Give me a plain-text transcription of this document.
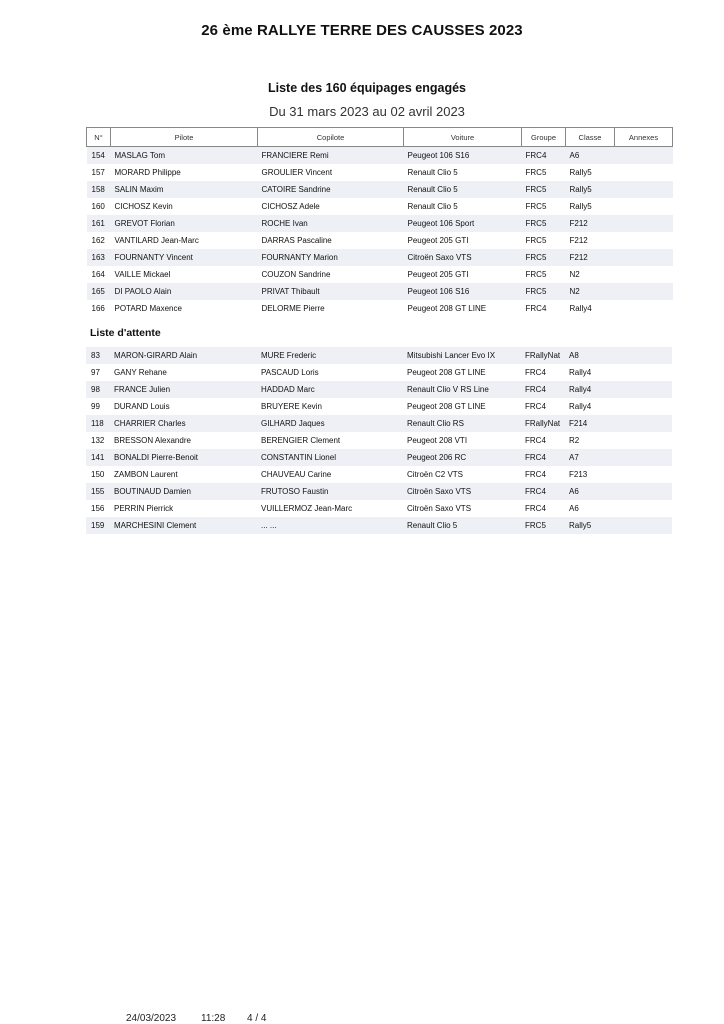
26 ème RALLYE TERRE DES CAUSSES 2023
Liste des 160 équipages engagés
Du 31 mars 2023 au 02 avril 2023
N°	Pilote	Copilote	Voiture	Groupe	Classe	Annexes
154	MASLAG Tom	FRANCIERE Remi	Peugeot 106 S16	FRC4	A6	
157	MORARD Philippe	GROULIER Vincent	Renault Clio 5	FRC5	Rally5	
158	SALIN Maxim	CATOIRE Sandrine	Renault Clio 5	FRC5	Rally5	
160	CICHOSZ Kevin	CICHOSZ Adele	Renault Clio 5	FRC5	Rally5	
161	GREVOT Florian	ROCHE Ivan	Peugeot 106 Sport	FRC5	F212	
162	VANTILARD Jean-Marc	DARRAS Pascaline	Peugeot 205 GTI	FRC5	F212	
163	FOURNANTY Vincent	FOURNANTY Marion	Citroën Saxo VTS	FRC5	F212	
164	VAILLE Mickael	COUZON Sandrine	Peugeot 205 GTI	FRC5	N2	
165	DI PAOLO Alain	PRIVAT Thibault	Peugeot 106 S16	FRC5	N2	
166	POTARD Maxence	DELORME Pierre	Peugeot 208 GT LINE	FRC4	Rally4	
Liste d'attente
83	MARON-GIRARD Alain	MURE Frederic	Mitsubishi Lancer Evo IX	FRallyNat	A8	
97	GANY Rehane	PASCAUD Loris	Peugeot 208 GT LINE	FRC4	Rally4	
98	FRANCE Julien	HADDAD Marc	Renault Clio V RS Line	FRC4	Rally4	
99	DURAND Louis	BRUYERE Kevin	Peugeot 208 GT LINE	FRC4	Rally4	
118	CHARRIER Charles	GILHARD Jaques	Renault Clio RS	FRallyNat	F214	
132	BRESSON Alexandre	BERENGIER Clement	Peugeot 208 VTI	FRC4	R2	
141	BONALDI Pierre-Benoit	CONSTANTIN Lionel	Peugeot 206 RC	FRC4	A7	
150	ZAMBON Laurent	CHAUVEAU Carine	Citroën C2 VTS	FRC4	F213	
155	BOUTINAUD Damien	FRUTOSO Faustin	Citroën Saxo VTS	FRC4	A6	
156	PERRIN Pierrick	VUILLERMOZ Jean-Marc	Citroën Saxo VTS	FRC4	A6	
159	MARCHESINI Clement	... ...	Renault Clio 5	FRC5	Rally5	
24/03/2023 11:28 4 / 4
